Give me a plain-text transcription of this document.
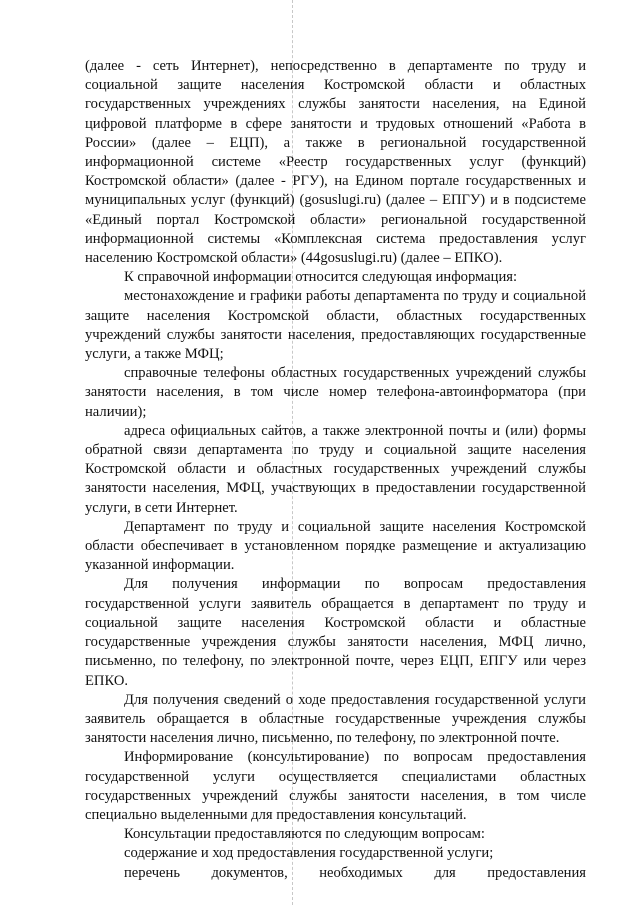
(далее - сеть Интернет), непосредственно в департаменте по труду и социальной защите населения Костромской области и областных государственных учреждениях службы занятости населения, на Единой цифровой платформе в сфере занятости и трудовых отношений «Работа в России» (далее – ЕЦП), а также в региональной государственной информационной системе «Реестр государственных услуг (функций) Костромской области» (далее - РГУ), на Едином портале государственных и муниципальных услуг (функций) (gosuslugi.ru) (далее – ЕПГУ) и в подсистеме «Единый портал Костромской области» региональной государственной информационной системы «Комплексная система предоставления услуг населению Костромской области» (44gosuslugi.ru) (далее – ЕПКО).

К справочной информации относится следующая информация:

местонахождение и графики работы департамента по труду и социальной защите населения Костромской области, областных государственных учреждений службы занятости населения, предоставляющих государственные услуги, а также МФЦ;

справочные телефоны областных государственных учреждений службы занятости населения, в том числе номер телефона-автоинформатора (при наличии);

адреса официальных сайтов, а также электронной почты и (или) формы обратной связи департамента по труду и социальной защите населения Костромской области и областных государственных учреждений службы занятости населения, МФЦ, участвующих в предоставлении государственной услуги, в сети Интернет.

Департамент по труду и социальной защите населения Костромской области обеспечивает в установленном порядке размещение и актуализацию указанной информации.

Для получения информации по вопросам предоставления государственной услуги заявитель обращается в департамент по труду и социальной защите населения Костромской области и областные государственные учреждения службы занятости населения, МФЦ лично, письменно, по телефону, по электронной почте, через ЕЦП, ЕПГУ или через ЕПКО.

Для получения сведений о ходе предоставления государственной услуги заявитель обращается в областные государственные учреждения службы занятости населения лично, письменно, по телефону, по электронной почте.

Информирование (консультирование) по вопросам предоставления государственной услуги осуществляется специалистами областных государственных учреждений службы занятости населения, в том числе специально выделенными для предоставления консультаций.

Консультации предоставляются по следующим вопросам:

содержание и ход предоставления государственной услуги;

перечень документов, необходимых для предоставления
